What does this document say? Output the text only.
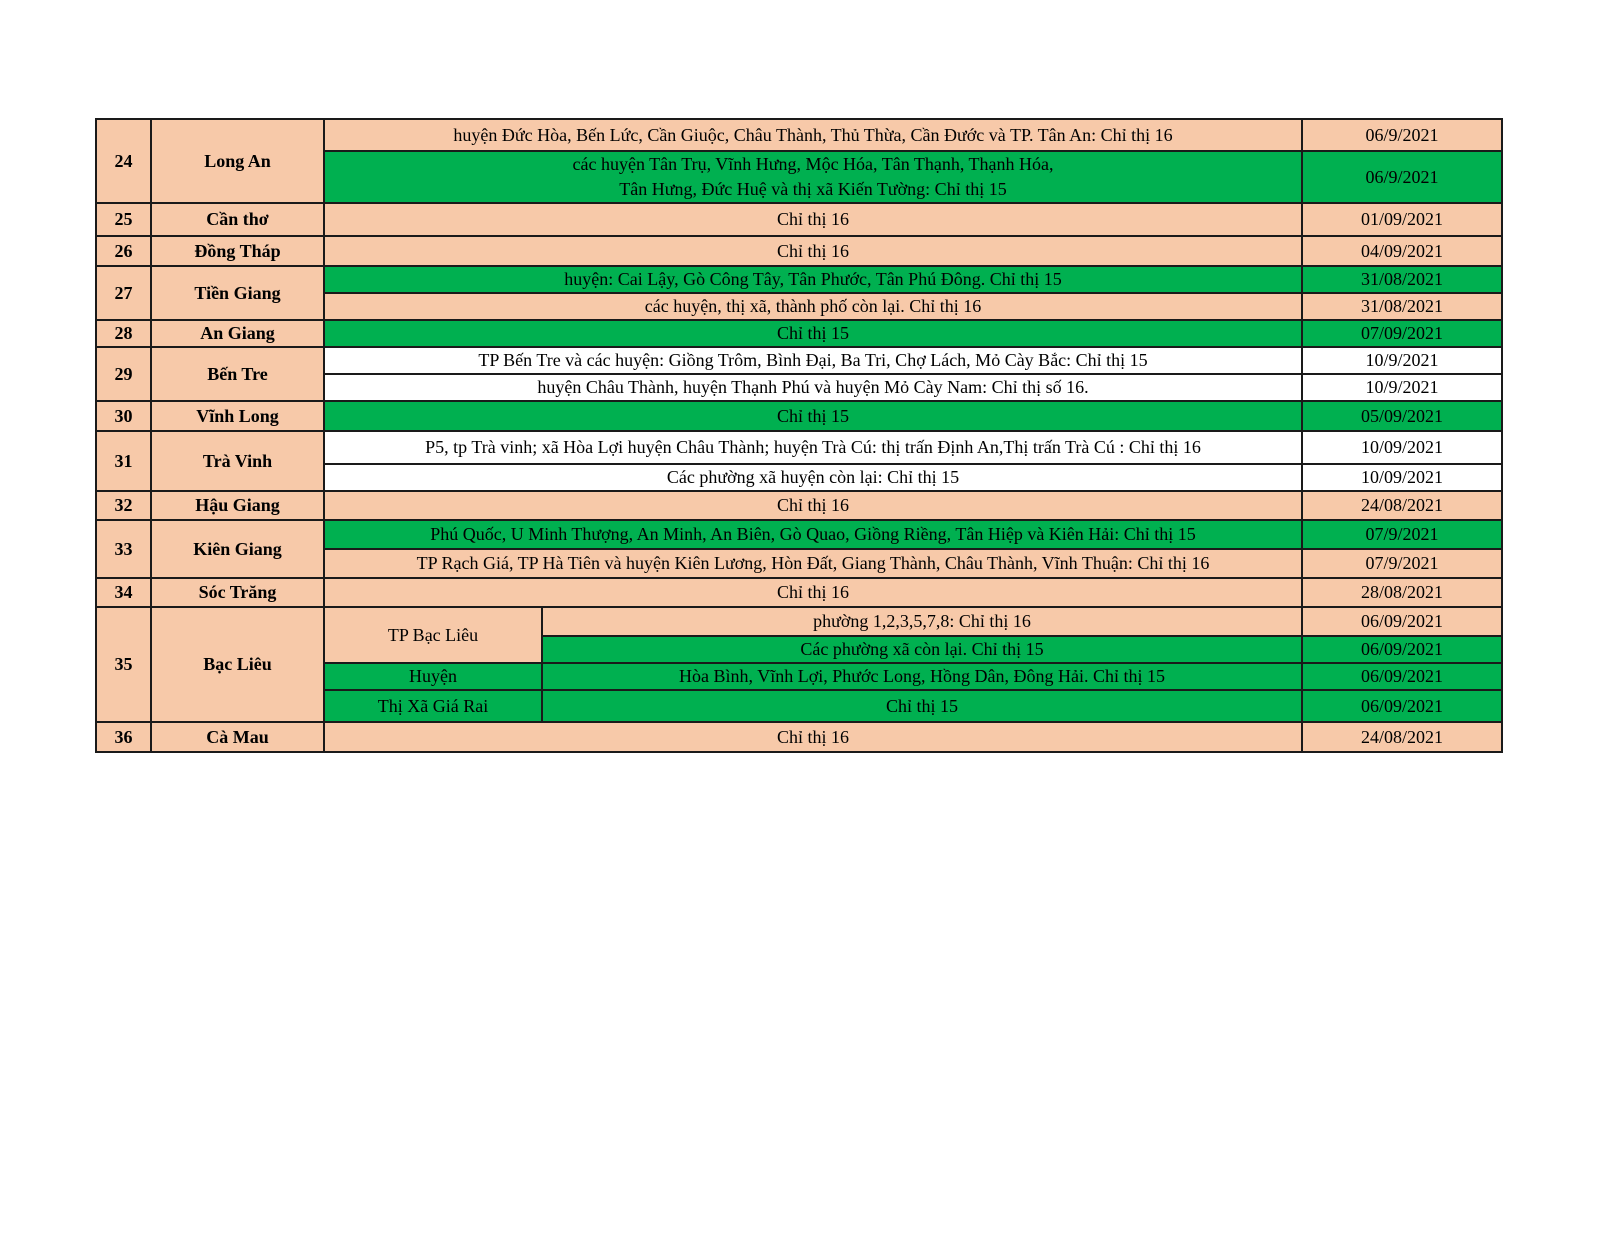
24	Long An	huyện Đức Hòa, Bến Lức, Cần Giuộc, Châu Thành, Thủ Thừa, Cần Đước và TP. Tân An: Chỉ thị 16		06/9/2021
		các huyện Tân Trụ, Vĩnh Hưng, Mộc Hóa, Tân Thạnh, Thạnh Hóa,
Tân Hưng, Đức Huệ và thị xã Kiến Tường: Chỉ thị 15		06/9/2021
25	Cần thơ	Chỉ thị 16		01/09/2021
26	Đồng Tháp	Chỉ thị 16		04/09/2021
27	Tiền Giang	huyện: Cai Lậy, Gò Công Tây, Tân Phước, Tân Phú Đông. Chỉ thị 15		31/08/2021
		các huyện, thị xã, thành phố còn lại. Chỉ thị 16		31/08/2021
28	An Giang	Chỉ thị 15		07/09/2021
29	Bến Tre	TP Bến Tre và các huyện: Giồng Trôm, Bình Đại, Ba Tri, Chợ Lách, Mỏ Cày Bắc: Chỉ thị 15		10/9/2021
		huyện Châu Thành, huyện Thạnh Phú và huyện Mỏ Cày Nam: Chỉ thị số 16.		10/9/2021
30	Vĩnh Long	Chỉ thị 15		05/09/2021
31	Trà Vinh	P5, tp Trà vinh; xã Hòa Lợi huyện Châu Thành; huyện Trà Cú: thị trấn Định An,Thị trấn Trà Cú : Chỉ thị 16		10/09/2021
		Các phường xã huyện còn lại: Chỉ thị 15		10/09/2021
32	Hậu Giang	Chỉ thị 16		24/08/2021
33	Kiên Giang	Phú Quốc, U Minh Thượng, An Minh, An Biên, Gò Quao, Giồng Riềng, Tân Hiệp và Kiên Hải: Chỉ thị 15		07/9/2021
		TP Rạch Giá, TP Hà Tiên và huyện Kiên Lương, Hòn Đất, Giang Thành, Châu Thành, Vĩnh Thuận: Chỉ thị 16		07/9/2021
34	Sóc Trăng	Chỉ thị 16		28/08/2021
35	Bạc Liêu	TP Bạc Liêu	phường 1,2,3,5,7,8: Chỉ thị 16	06/09/2021
			Các phường xã còn lại. Chỉ thị 15	06/09/2021
		Huyện	Hòa Bình, Vĩnh Lợi, Phước Long, Hồng Dân, Đông Hải. Chỉ thị 15	06/09/2021
		Thị Xã Giá Rai	Chỉ thị 15	06/09/2021
36	Cà Mau	Chỉ thị 16		24/08/2021
